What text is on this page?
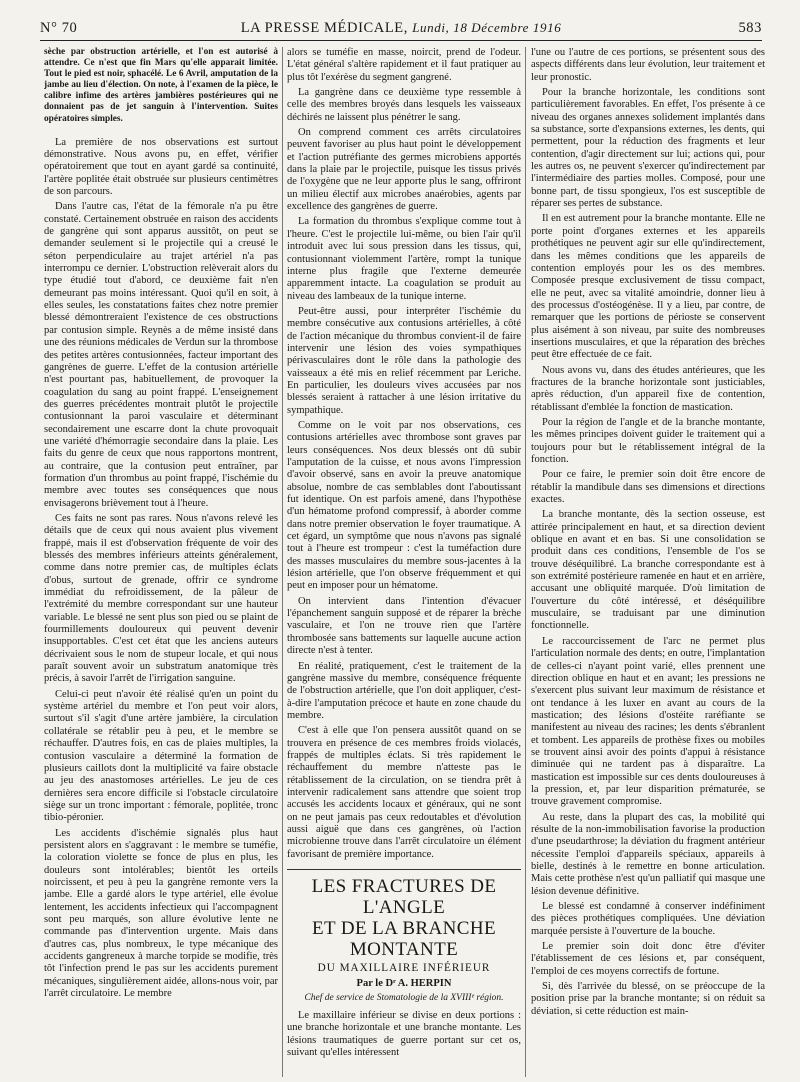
N° 70	LA PRESSE MÉDICALE, Lundi, 18 Décembre 1916	583

sèche par obstruction artérielle, et l'on est autorisé à attendre. Ce n'est que fin Mars qu'elle apparait limitée. Tout le pied est noir, sphacélé. Le 6 Avril, amputation de la jambe au lieu d'élection. On note, à l'examen de la pièce, le calibre infime des artères jambières postérieures qui ne donnaient pas de jet sanguin à l'intervention. Suites opératoires simples.

La première de nos observations est surtout démonstrative. Nous avons pu, en effet, vérifier opératoirement que tout en ayant gardé sa continuité, l'artère poplitée était obstruée sur plusieurs centimètres de son parcours.

Dans l'autre cas, l'état de la fémorale n'a pu être constaté. Certainement obstruée en raison des accidents de gangrène qui sont apparus aussitôt, on peut se demander seulement si le projectile qui a creusé le séton perpendiculaire au trajet artériel n'a pas interrompu ce dernier. L'obstruction relèverait alors du type étudié tout d'abord, ce deuxième fait n'en demeurant pas moins intéressant. Quoi qu'il en soit, à elles seules, les constatations faites chez notre premier blessé démontreraient l'existence de ces obstructions par contusion simple. Reynès a de même insisté dans une des réunions médicales de Verdun sur la thrombose des petites artères contusionnées, facteur important des gangrènes de guerre. L'effet de la contusion artérielle n'est pourtant pas, habituellement, de provoquer la coagulation du sang au point frappé. L'enseignement des guerres précédentes montrait plutôt le projectile contusionnant la paroi vasculaire et déterminant secondairement une escarre dont la chute provoquait une variété d'hémorragie secondaire dans la plaie. Les faits du genre de ceux que nous rapportons montrent, au contraire, que la contusion peut entraîner, par formation d'un thrombus au point frappé, l'ischémie du membre avec toutes ses conséquences que nous envisagerons brièvement tout à l'heure.

Ces faits ne sont pas rares. Nous n'avons relevé les détails que de ceux qui nous avaient plus vivement frappé, mais il est d'observation fréquente de voir des blessés des membres inférieurs atteints généralement, comme dans notre premier cas, de multiples éclats d'obus, surtout de grenade, offrir ce syndrome immédiat du refroidissement, de la pâleur de l'extrémité du membre correspondant sur une hauteur variable. Le blessé ne sent plus son pied ou se plaint de fourmillements douloureux qui peuvent devenir insupportables. C'est cet état que les anciens auteurs décrivaient sous le nom de stupeur locale, et qui nous paraît souvent avoir un substratum anatomique très précis, à savoir l'arrêt de l'irrigation sanguine.

Celui-ci peut n'avoir été réalisé qu'en un point du système artériel du membre et l'on peut voir alors, surtout s'il s'agit d'une artère jambière, la circulation collatérale se rétablir peu à peu, et le membre se réchauffer. D'autres fois, en cas de plaies multiples, la contusion vasculaire a déterminé la formation de plusieurs caillots dont la multiplicité va faire obstacle au jeu des anastomoses artérielles. Le jeu de ces dernières sera encore difficile si l'obstacle circulatoire siège sur un tronc important : fémorale, poplitée, tronc tibio-péronier.

Les accidents d'ischémie signalés plus haut persistent alors en s'aggravant : le membre se tuméfie, la coloration violette se fonce de plus en plus, les douleurs sont intolérables; bientôt les orteils noircissent, et peu à peu la gangrène remonte vers la jambe. Elle a gardé alors le type artériel, elle évolue lentement, les accidents infectieux qui l'accompagnent sont peu marqués, son allure évolutive lente ne commande pas d'intervention urgente. Mais dans d'autres cas, plus nombreux, le type mécanique des accidents gangreneux à marche torpide se modifie, très tôt l'infection prend le pas sur les accidents purement mécaniques, singulièrement aidée, allons-nous voir, par l'arrêt circulatoire. Le membre

alors se tuméfie en masse, noircit, prend de l'odeur. L'état général s'altère rapidement et il faut pratiquer au plus tôt l'exérèse du segment gangrené.

La gangrène dans ce deuxième type ressemble à celle des membres broyés dans lesquels les vaisseaux déchirés ne laissent plus pénétrer le sang.

On comprend comment ces arrêts circulatoires peuvent favoriser au plus haut point le développement et l'action putréfiante des germes microbiens apportés dans la plaie par le projectile, puisque les tissus privés de l'oxygène que ne leur apporte plus le sang, offriront un milieu électif aux microbes anaérobies, agents par excellence des gangrènes de guerre.

La formation du thrombus s'explique comme tout à l'heure. C'est le projectile lui-même, ou bien l'air qu'il introduit avec lui sous pression dans les tissus, qui, contusionnant violemment l'artère, rompt la tunique interne plus fragile que l'externe demeurée apparemment intacte. La coagulation se produit au niveau des lambeaux de la tunique interne.

Peut-être aussi, pour interpréter l'ischémie du membre consécutive aux contusions artérielles, à côté de l'action mécanique du thrombus convient-il de faire intervenir une lésion des voies sympathiques périvasculaires dont le rôle dans la pathologie des vaisseaux a été mis en relief récemment par Leriche. En particulier, les douleurs vives accusées par nos blessés seraient à rattacher à une lésion irritative du sympathique.

Comme on le voit par nos observations, ces contusions artérielles avec thrombose sont graves par leurs conséquences. Nos deux blessés ont dû subir l'amputation de la cuisse, et nous avons l'impression d'avoir observé, sans en avoir la preuve anatomique absolue, nombre de cas semblables dont l'aboutissant fut identique. On est parfois amené, dans l'hypothèse d'un hématome profond compressif, à aborder comme dans notre premier observation le foyer traumatique. A cet égard, un symptôme que nous n'avons pas signalé tout à l'heure est trompeur : c'est la tuméfaction dure des masses musculaires du membre sous-jacentes à la lésion artérielle, que l'on observe fréquemment et qui peut en imposer pour un hématome.

On intervient dans l'intention d'évacuer l'épanchement sanguin supposé et de réparer la brèche vasculaire, et l'on ne trouve rien que l'artère thrombosée sans battements sur laquelle aucune action directe n'est à tenter.

En réalité, pratiquement, c'est le traitement de la gangrène massive du membre, conséquence fréquente de l'obstruction artérielle, que l'on doit appliquer, c'est-à-dire l'amputation précoce et haute en zone chaude du membre.

C'est à elle que l'on pensera aussitôt quand on se trouvera en présence de ces membres froids violacés, frappés de multiples éclats. Si très rapidement le réchauffement du membre n'atteste pas le rétablissement de la circulation, on se tiendra prêt à intervenir radicalement sans attendre que soient trop accusés les accidents locaux et généraux, qui ne sont on ne peut jamais pas ceux redoutables et d'évolution aussi aiguë que dans ces gangrènes, où l'action microbienne trouve dans l'arrêt circulatoire un élément favorisant de première importance.

LES FRACTURES DE L'ANGLE
ET DE LA BRANCHE MONTANTE
DU MAXILLAIRE INFÉRIEUR
Par le Dʳ A. HERPIN
Chef de service de Stomatologie de la XVIIIᵉ région.

Le maxillaire inférieur se divise en deux portions : une branche horizontale et une branche montante. Les lésions traumatiques de guerre portant sur cet os, suivant qu'elles intéressent

l'une ou l'autre de ces portions, se présentent sous des aspects différents dans leur évolution, leur traitement et leur pronostic.

Pour la branche horizontale, les conditions sont particulièrement favorables. En effet, l'os présente à ce niveau des organes annexes solidement implantés dans sa substance, sorte d'expansions externes, les dents, qui permettent, pour la réduction des fragments et leur contention, d'agir directement sur lui; actions qui, pour les autres os, ne peuvent s'exercer qu'indirectement par l'intermédiaire des parties molles. Composé, pour une bonne part, de tissu spongieux, l'os est susceptible de réparer ses pertes de substance.

Il en est autrement pour la branche montante. Elle ne porte point d'organes externes et les appareils prothétiques ne peuvent agir sur elle qu'indirectement, dans les mêmes conditions que les appareils de contention employés pour les os des membres. Composée presque exclusivement de tissu compact, elle ne peut, avec sa vitalité amoindrie, donner lieu à des processus d'ostéogénèse. Il y a lieu, par contre, de remarquer que les portions de périoste se conservent plus aisément à son niveau, par suite des nombreuses insertions musculaires, et que la réparation des brèches peut être effectuée de ce fait.

Nous avons vu, dans des études antérieures, que les fractures de la branche horizontale sont justiciables, après réduction, d'un appareil fixe de contention, rétablissant d'emblée la fonction de mastication.

Pour la région de l'angle et de la branche montante, les mêmes principes doivent guider le traitement qui a toujours pour but le rétablissement intégral de la fonction.

Pour ce faire, le premier soin doit être encore de rétablir la mandibule dans ses dimensions et directions exactes.

La branche montante, dès la section osseuse, est attirée principalement en haut, et sa direction devient oblique en avant et en bas. Si une consolidation se produit dans ces conditions, l'ensemble de l'os se trouve déséquilibré. La branche correspondante est à son extrémité postérieure ramenée en haut et en arrière, accusant une obliquité marquée. D'où limitation de l'ouverture du côté intéressé, et déséquilibre musculaire, se traduisant par une diminution fonctionnelle.

Le raccourcissement de l'arc ne permet plus l'articulation normale des dents; en outre, l'implantation de celles-ci n'ayant point varié, elles prennent une direction oblique en haut et en avant; les pressions ne s'exercent plus suivant leur maximum de résistance et ont tendance à les luxer en avant au cours de la mastication; des lésions d'ostéite raréfiante se manifestent au niveau des racines; les dents s'ébranlent et tombent. Les appareils de prothèse fixes ou mobiles se trouvent ainsi avoir des points d'appui à résistance diminuée qui ne tardent pas à disparaître. La mastication est impossible sur ces dents douloureuses à la pression, et, par leur disparition prématurée, se trouve gravement compromise.

Au reste, dans la plupart des cas, la mobilité qui résulte de la non-immobilisation favorise la production d'une pseudarthrose; la déviation du fragment antérieur nécessite l'emploi d'appareils spéciaux, appareils à bielle, destinés à le remettre en bonne articulation. Mais cette prothèse n'est qu'un palliatif qui masque une lésion devenue définitive.

Le blessé est condamné à conserver indéfiniment des pièces prothétiques compliquées. Une déviation marquée persiste à l'ouverture de la bouche.

Le premier soin doit donc être d'éviter l'établissement de ces lésions et, par conséquent, l'emploi de ces moyens correctifs de fortune.

Si, dès l'arrivée du blessé, on se préoccupe de la position prise par la branche montante; si on réduit sa déviation, si cette réduction est main-
